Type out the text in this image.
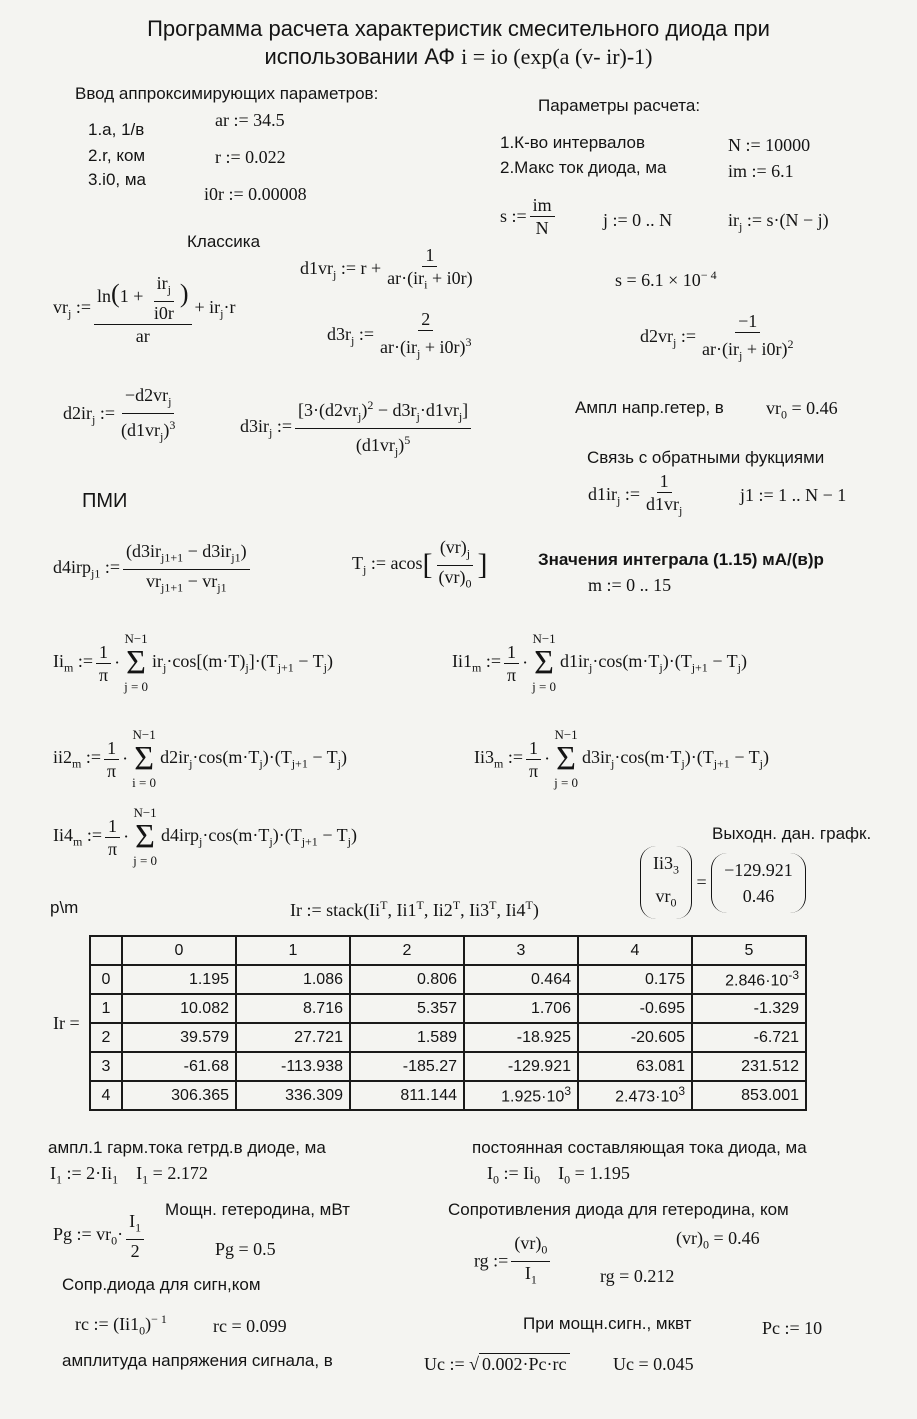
Программа расчета характеристик смесительного диода при
использовании АФ i = io (exp(a (v- ir)-1)
Ввод аппроксимирующих параметров:
1.a, 1/в
2.r, ком
3.i0, ма
ar := 34.5
r := 0.022
i0r := 0.00008
Параметры расчета:
1.К-во интервалов
2.Макс ток диода, ма
N := 10000
im := 6.1
s := $\frac{im}{N}$	j := 0 .. N	$ir_j$ := s·(N − j)
Классика
$s = 6.1 \times 10^{- 4}$
$d1vr_j$ := $r + \frac{1}{ar\cdot(ir_i + i0r)}$
$vr_j$ := $\frac{\ln(1 + \frac{ir_j}{i0r} )}{ar} + ir_j\cdot r$
$d3r_j$ := $\frac{2}{ar\cdot(ir_j + i0r)^3}$	$d2vr_j$ := $\frac{-1}{ar\cdot(ir_j + i0r)^2}$
Ампл напр.гетер, в $vr_0 = 0.46$
$d2ir_j$ := $\frac{-d2vr_j}{(d1vr_j)^3}$	$d3ir_j$ := $\frac{[3\cdot(d2vr_j)^2 - d3r_j\cdot d1vr_j]}{(d1vr_j)^5}$	Связь с обратными фукциями
$d1ir_j$ := $\frac{1}{d1vr_j}$	j1 := 1 .. N − 1
ПМИ
d4irp$_{j1}$ := $\frac{(d3ir_{j1+1} - d3ir_{j1})}{vr_{j1+1} - vr_{j1}}$	$T_j$ := $acos[ \frac{(vr)_j}{(vr)_0}$ ]	Значения интеграла (1.15) мА/(в)р
m := 0 .. 15
$Ii_m$ := $\frac{1}{\pi}$ ·
N−1
Σ
j = 0
$ir_j\cdot\cos[(m\cdot T)_j]\cdot(T_{j+1} - T_j)$	$Ii1_m$ := $\frac{1}{\pi}$ ·
N−1
Σ
j = 0
$d1ir_j\cdot\cos(m\cdot T_j)\cdot(T_{j+1} - T_j)$
$ii2_m$ := $\frac{1}{\pi}$ ·
N−1
Σ
i = 0
$d2ir_j\cdot\cos(m\cdot T_j)\cdot(T_{j+1} - T_j)$	$Ii3_m$ := $\frac{1}{\pi}$ ·
N−1
Σ
j = 0
$d3ir_j\cdot\cos(m\cdot T_j)\cdot(T_{j+1} - T_j)$
$Ii4_m$ := $\frac{1}{\pi}$ ·
N−1
Σ
j = 0
$d4irp_j\cdot\cos(m\cdot T_j)\cdot(T_{j+1} - T_j)$	Выходн. дан. графк.
$Ii3_3$
$vr_0$
=
−129.921
0.46
p\m	Ir := $stack(Ii^T$, $Ii1^T$, $Ii2^T$, $Ii3^T$, $Ii4^T$)
Ir =
	0	1	2	3	4	5
0	1.195	1.086	0.806	0.464	0.175	$2.846\cdot 10^{-3}$
1	10.082	8.716	5.357	1.706	-0.695	-1.329
2	39.579	27.721	1.589	-18.925	-20.605	-6.721
3	-61.68	-113.938	-185.27	-129.921	63.081	231.512
4	306.365	336.309	811.144	$1.925\cdot 10^3$	$2.473\cdot 10^3$	853.001
ампл.1 гарм.тока гетрд.в диоде, ма	постоянная составляющая тока диода, ма
$I_1$ := $2\cdot Ii_1$    $I_1 = 2.172$	$I_0$ := $Ii_0$    $I_0 = 1.195$
Pg := $vr_0\cdot \frac{I_1}{2}$
Мощн. гетеродина, мВт
Pg = 0.5
Сопротивления диода для гетеродина, ком
rg := $\frac{(vr)_0}{I_1}$	$(vr)_0 = 0.46$
rg = 0.212
Сопр.диода для сигн,ком
rc := $(Ii1_0)^{- 1}$	rc = 0.099	При мощн.сигн., мквт	Pc := 10
амплитуда напряжения сигнала, в	Uc := √ 0.002·Pc·rc	Uc = 0.045
